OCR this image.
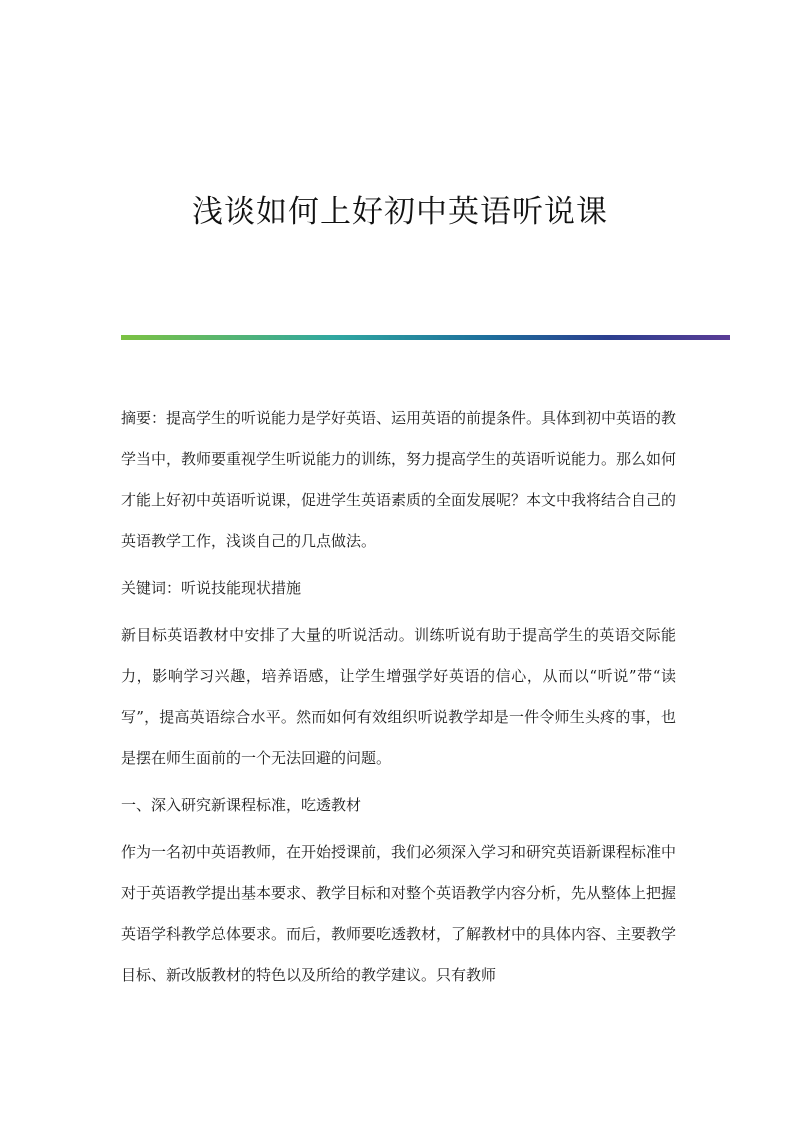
浅谈如何上好初中英语听说课

摘要：提高学生的听说能力是学好英语、运用英语的前提条件。具体到初中英语的教学当中，教师要重视学生听说能力的训练，努力提高学生的英语听说能力。那么如何才能上好初中英语听说课，促进学生英语素质的全面发展呢？本文中我将结合自己的英语教学工作，浅谈自己的几点做法。

关键词：听说技能现状措施

新目标英语教材中安排了大量的听说活动。训练听说有助于提高学生的英语交际能力，影响学习兴趣，培养语感，让学生增强学好英语的信心，从而以“听说”带“读写”，提高英语综合水平。然而如何有效组织听说教学却是一件令师生头疼的事，也是摆在师生面前的一个无法回避的问题。

一、深入研究新课程标准，吃透教材

作为一名初中英语教师，在开始授课前，我们必须深入学习和研究英语新课程标准中对于英语教学提出基本要求、教学目标和对整个英语教学内容分析，先从整体上把握英语学科教学总体要求。而后，教师要吃透教材，了解教材中的具体内容、主要教学目标、新改版教材的特色以及所给的教学建议。只有教师
